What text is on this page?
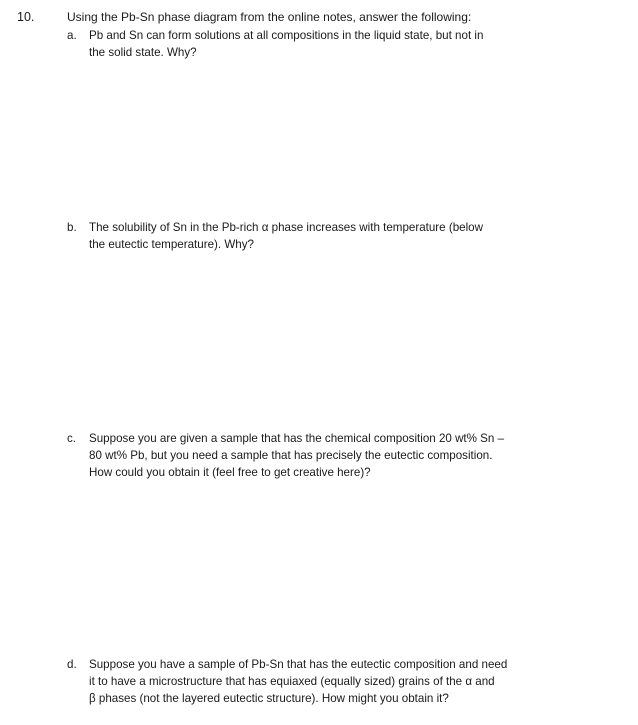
10.	Using the Pb-Sn phase diagram from the online notes, answer the following:
a.	Pb and Sn can form solutions at all compositions in the liquid state, but not in
the solid state. Why?
b.	The solubility of Sn in the Pb-rich α phase increases with temperature (below
the eutectic temperature). Why?
c.	Suppose you are given a sample that has the chemical composition 20 wt% Sn –
80 wt% Pb, but you need a sample that has precisely the eutectic composition.
How could you obtain it (feel free to get creative here)?
d.	Suppose you have a sample of Pb-Sn that has the eutectic composition and need
it to have a microstructure that has equiaxed (equally sized) grains of the α and
β phases (not the layered eutectic structure). How might you obtain it?
